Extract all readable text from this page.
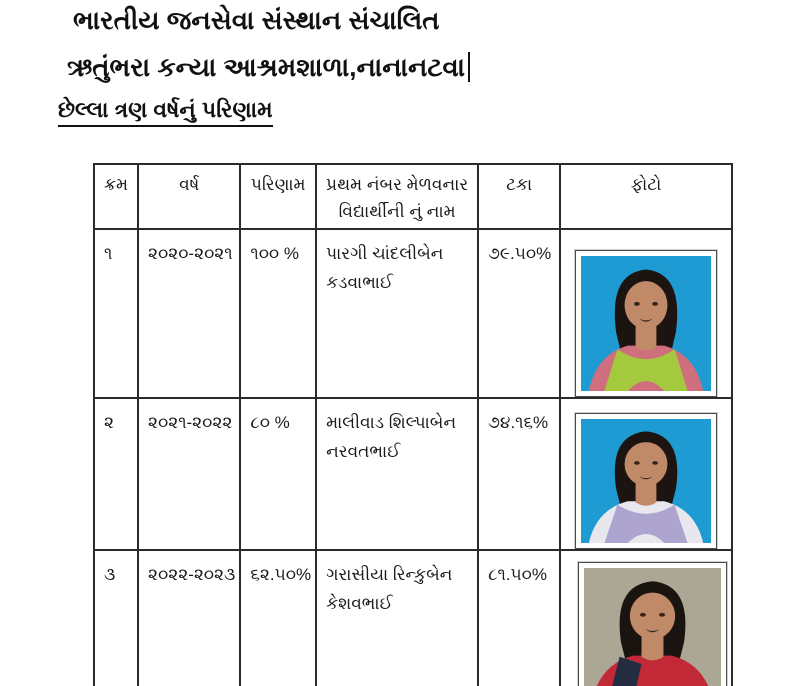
ભારતીય જનસેવા સંસ્થાન સંચાલિત
ઋતુંભરા કન્યા આશ્રમશાળા,નાનાનટવા
છેલ્લા ત્રણ વર્ષનું પરિણામ
ક્રમ	વર્ષ	પરિણામ	પ્રથમ નંબર મેળવનાર વિદ્યાર્થીની નું નામ	ટકા	ફોટો
૧	૨૦૨૦-૨૦૨૧	૧૦૦ %	પારગી ચાંદલીબેન કડવાભાઈ	૭૯.૫૦%	

૨	૨૦૨૧-૨૦૨૨	૮૦ %	માલીવાડ શિલ્પાબેન નરવતભાઈ	૭૪.૧૬%	

૩	૨૦૨૨-૨૦૨૩	૬૨.૫૦%	ગરાસીયા રિન્કુબેન કેશવભાઈ	૮૧.૫૦%	
